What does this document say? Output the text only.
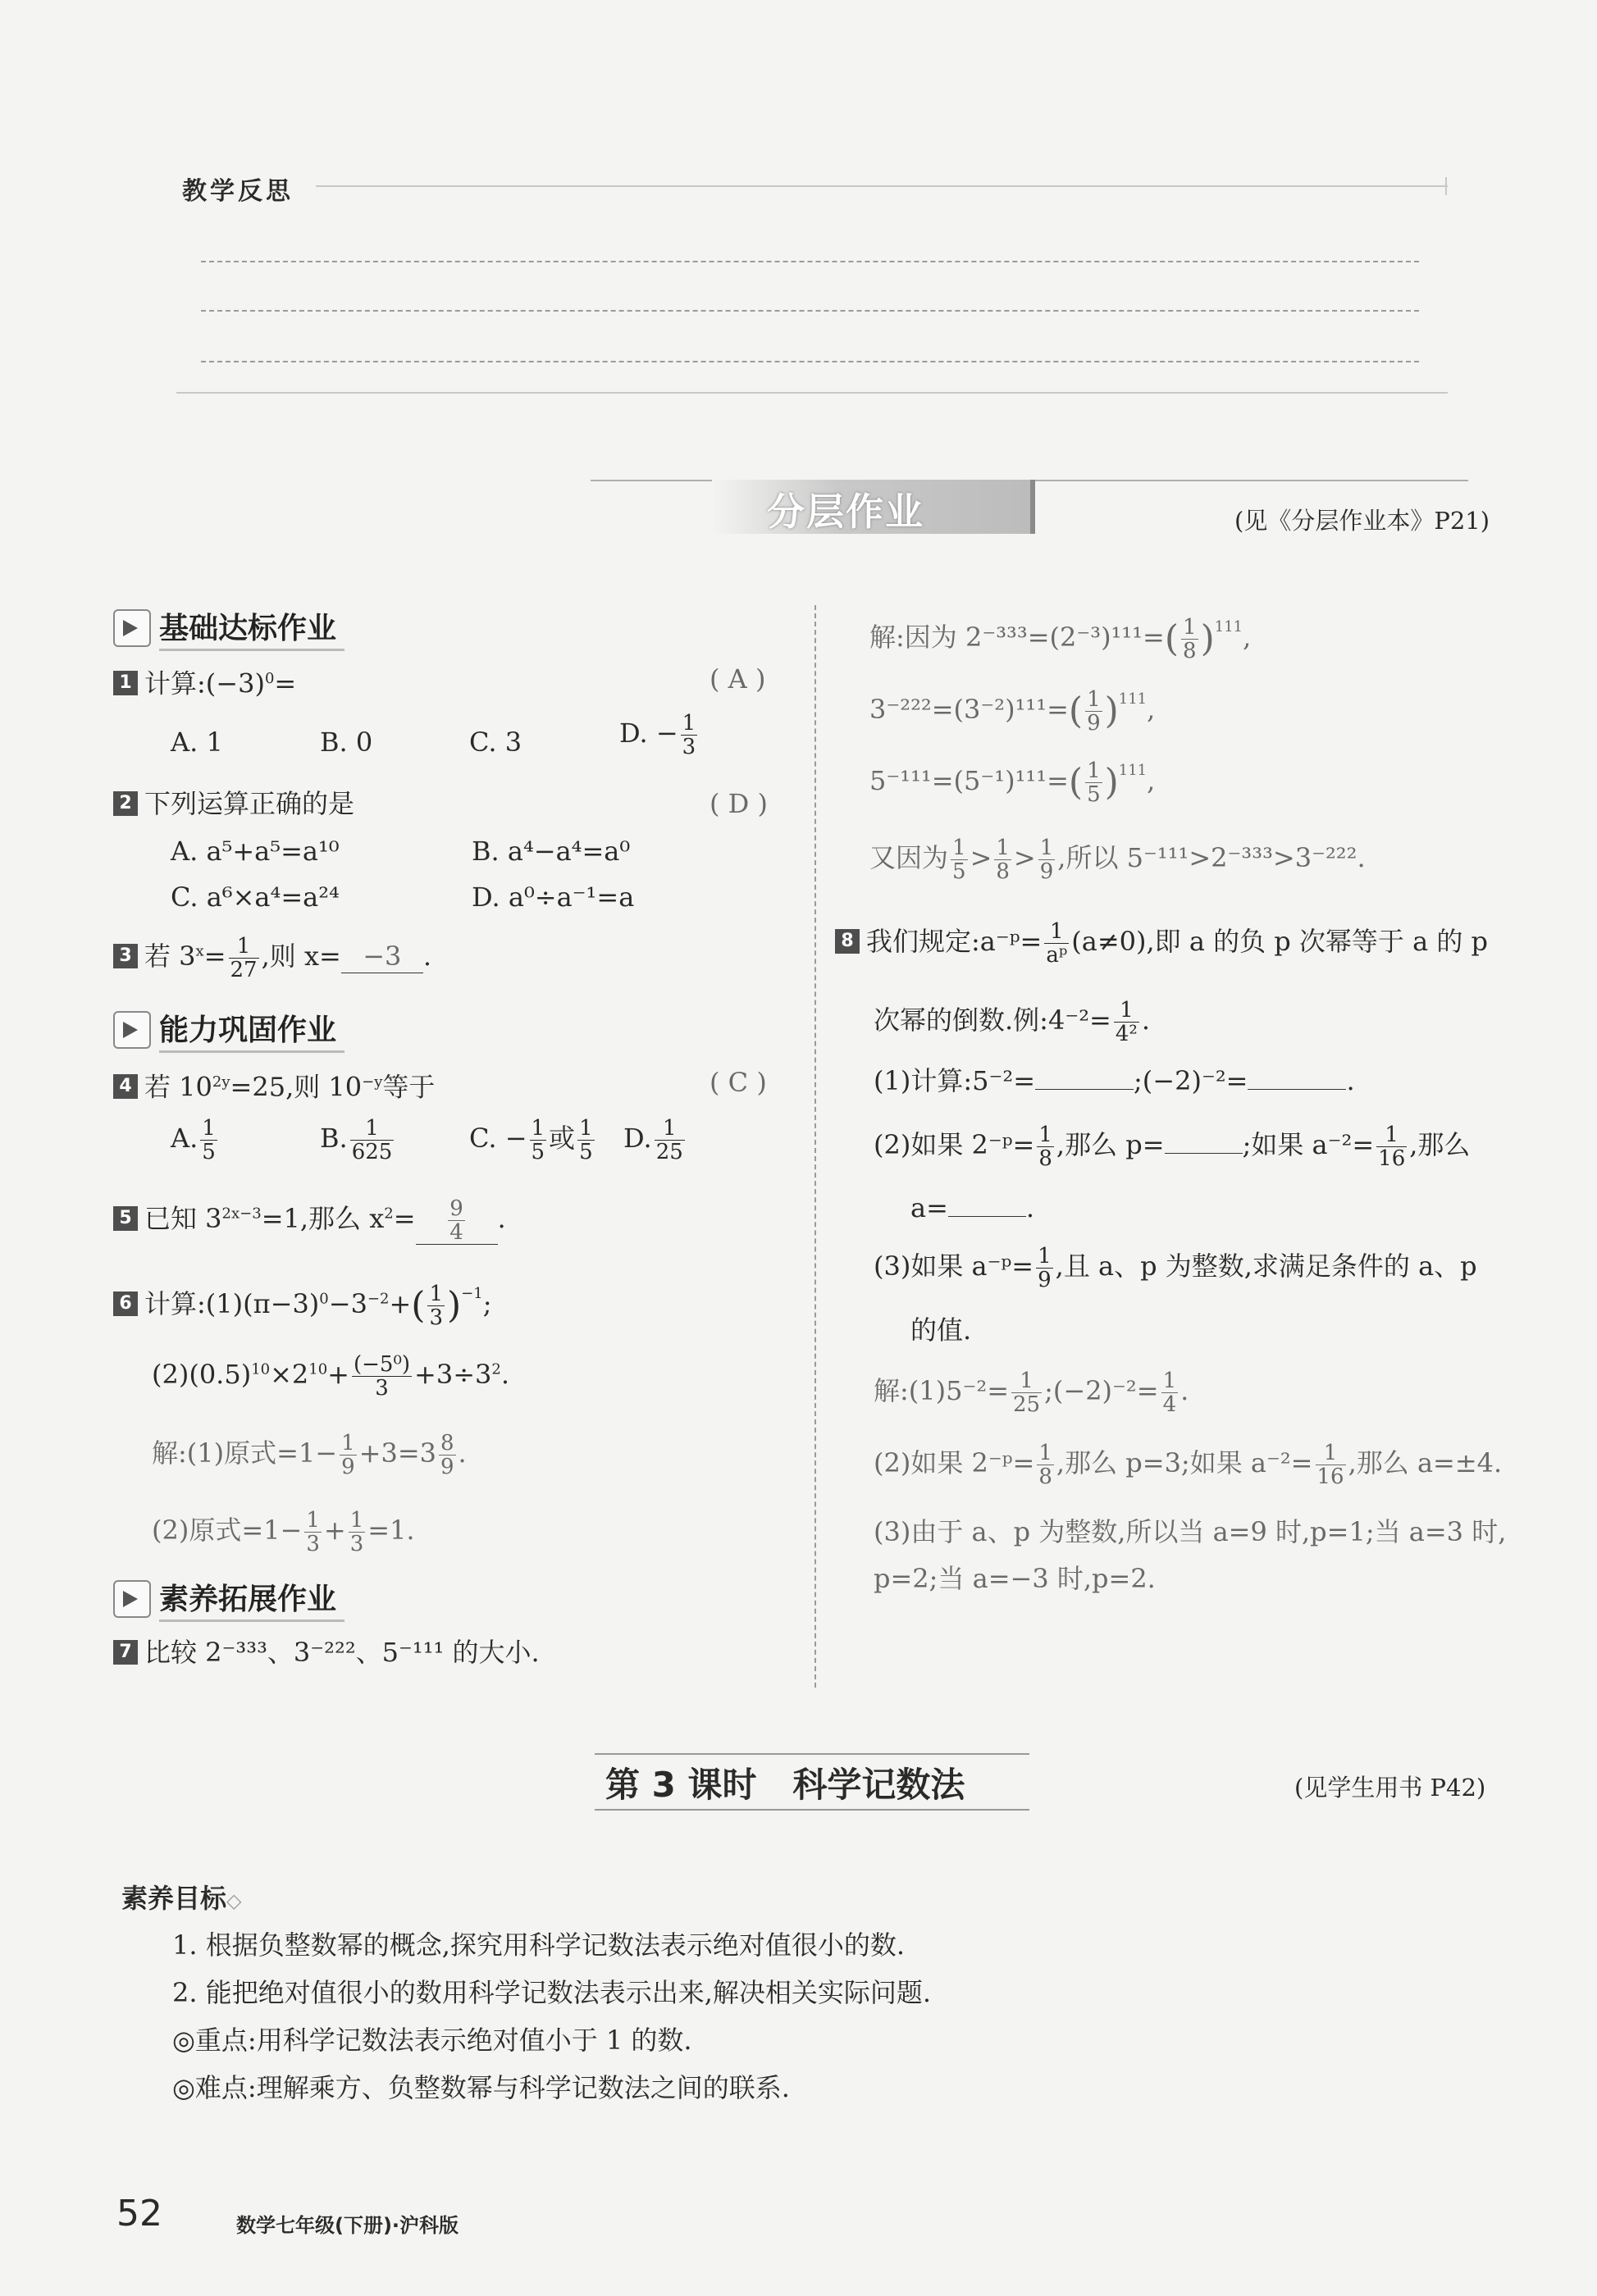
教学反思
分层作业	(见《分层作业本》P21)
基础达标作业
1 计算$:(-3)^0=$	( A )
A. 1	B. 0	C. 3	D. − $\frac{1}{3}$
2 下列运算正确的是	( D )
A. a⁵+a⁵=a¹⁰	B. a⁴−a⁴=a⁰
C. a⁶×a⁴=a²⁴	D. a⁰÷a⁻¹=a
3 若 $3^x= \frac{1}{27}$ ,则 x= −3 .
能力巩固作业
4 若 $10^{2y}=25$,则 $10^{-y}$等于	( C )
A. $\frac{1}{5}$	B. $\frac{1}{625}$	C. − $\frac{1}{5}$ 或 $\frac{1}{5} D$. $\frac{1}{25}$
5 已知 $3^{2x-3}=1$,那么 $x^2= \frac{9}{4}$ .
6 计算$:(1)(\pi-3)^0-3^{-2}+( \frac{1}{3} )^{-1}$;
$(2)(0.5)^{10}\times 2^{10}+ \frac{\text{(−5⁰)}}{3} +3\div 3^2$.
解:(1)原式$=1- \frac{1}{9} +3=3 \frac{8}{9}$ .
(2)原式$=1- \frac{1}{3} + \frac{1}{3} =1$.
素养拓展作业
7 比较 2⁻³³³、3⁻²²²、5⁻¹¹¹ 的大小.
解:因为 $2^{-333}=(2^{-3})^{111}=( \frac{1}{8} )^{111}$,
$3^{-222}=(3^{-2})^{111}=( \frac{1}{9} )^{111}$,
$5^{-111}=(5^{-1})^{111}=( \frac{1}{5} )^{111}$,
又因为 $\frac{1}{5} > \frac{1}{8} > \frac{1}{9}$ ,所以 5⁻¹¹¹>2⁻³³³>3⁻²²².
8 我们规定:a⁻ᵖ= $\frac{1}{\text{aᵖ}} (a\ne 0)$,即 a 的负 p 次幂等于 a 的 p
次幂的倒数.例:4⁻²= $\frac{1}{\text{4²}}$ .
(1)计算:5⁻²=	;(−2)⁻²=	.
(2)如果 2⁻ᵖ= $\frac{1}{8}$ ,那么 p=	;如果 $a^{-2}= \frac{1}{16}$ ,那么
a=	.
(3)如果 a⁻ᵖ= $\frac{1}{9}$ ,且 a、p 为整数,求满足条件的 a、p
的值.
解:(1)5⁻²= $\frac{1}{25}$ ;(−2)⁻²= $\frac{1}{4}$ .
(2)如果 2⁻ᵖ= $\frac{1}{8}$ ,那么 p=3;如果 $a^{-2}= \frac{1}{16}$ ,那么 a=±4.
(3)由于 a、p 为整数,所以当 a=9 时,p=1;当 a=3 时,
p=2;当 a=−3 时,p=2.
第 3 课时   科学记数法	(见学生用书 P42)
素养目标◇
1. 根据负整数幂的概念,探究用科学记数法表示绝对值很小的数.
2. 能把绝对值很小的数用科学记数法表示出来,解决相关实际问题.
◎重点:用科学记数法表示绝对值小于 1 的数.
◎难点:理解乘方、负整数幂与科学记数法之间的联系.
52	数学七年级(下册)·沪科版
